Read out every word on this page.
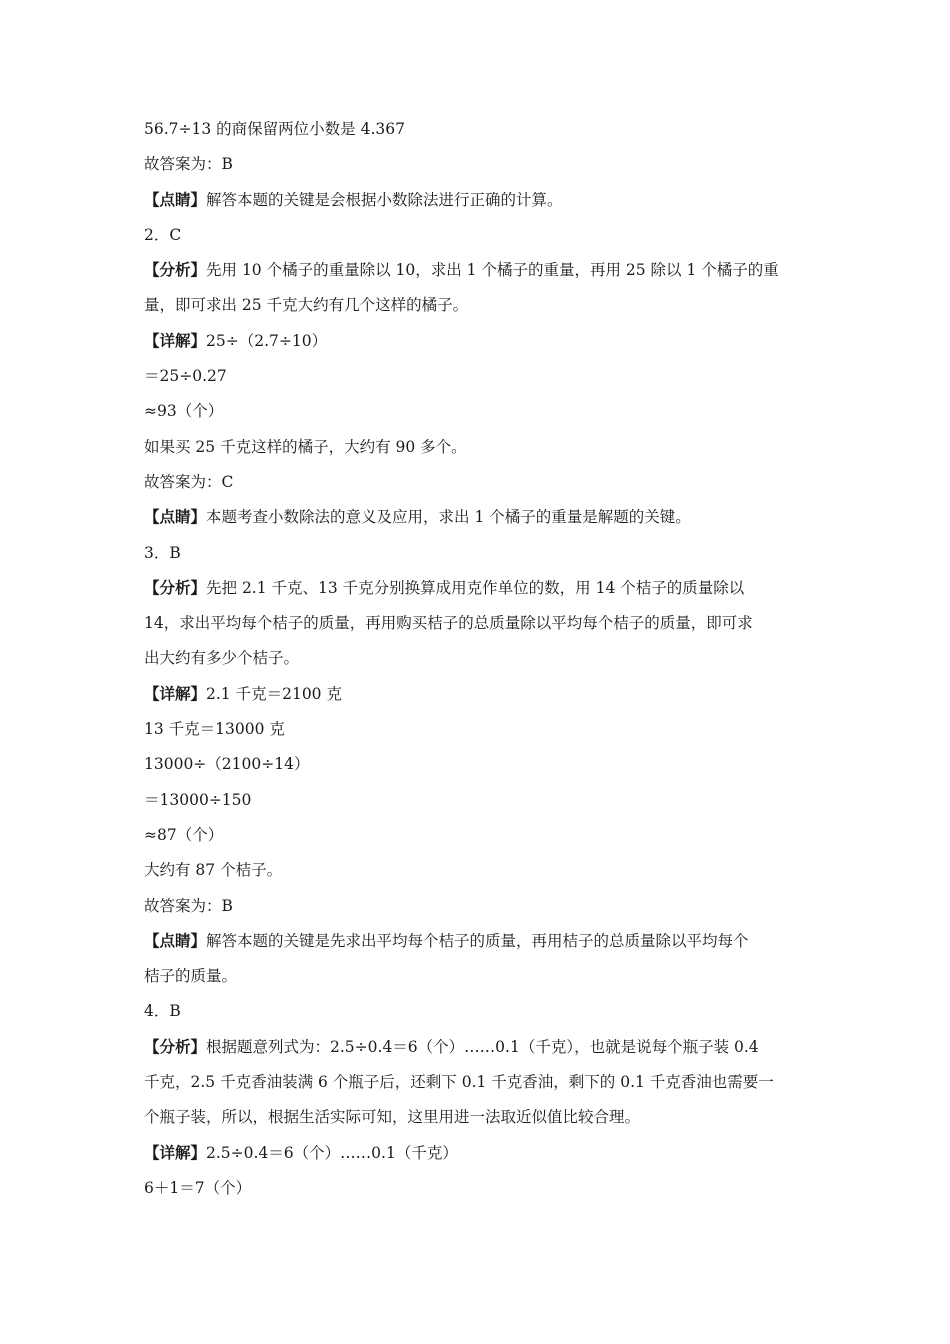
56.7÷13 的商保留两位小数是 4.367
故答案为：B
【点睛】解答本题的关键是会根据小数除法进行正确的计算。
2．C
【分析】先用 10 个橘子的重量除以 10，求出 1 个橘子的重量，再用 25 除以 1 个橘子的重
量，即可求出 25 千克大约有几个这样的橘子。
【详解】25÷（2.7÷10）
＝25÷0.27
≈93（个）
如果买 25 千克这样的橘子，大约有 90 多个。
故答案为：C
【点睛】本题考查小数除法的意义及应用，求出 1 个橘子的重量是解题的关键。
3．B
【分析】先把 2.1 千克、13 千克分别换算成用克作单位的数，用 14 个桔子的质量除以
14，求出平均每个桔子的质量，再用购买桔子的总质量除以平均每个桔子的质量，即可求
出大约有多少个桔子。
【详解】2.1 千克＝2100 克
13 千克＝13000 克
13000÷（2100÷14）
＝13000÷150
≈87（个）
大约有 87 个桔子。
故答案为：B
【点睛】解答本题的关键是先求出平均每个桔子的质量，再用桔子的总质量除以平均每个
桔子的质量。
4．B
【分析】根据题意列式为：2.5÷0.4＝6（个）……0.1（千克），也就是说每个瓶子装 0.4
千克，2.5 千克香油装满 6 个瓶子后，还剩下 0.1 千克香油，剩下的 0.1 千克香油也需要一
个瓶子装，所以，根据生活实际可知，这里用进一法取近似值比较合理。
【详解】2.5÷0.4＝6（个）……0.1（千克）
6＋1＝7（个）
